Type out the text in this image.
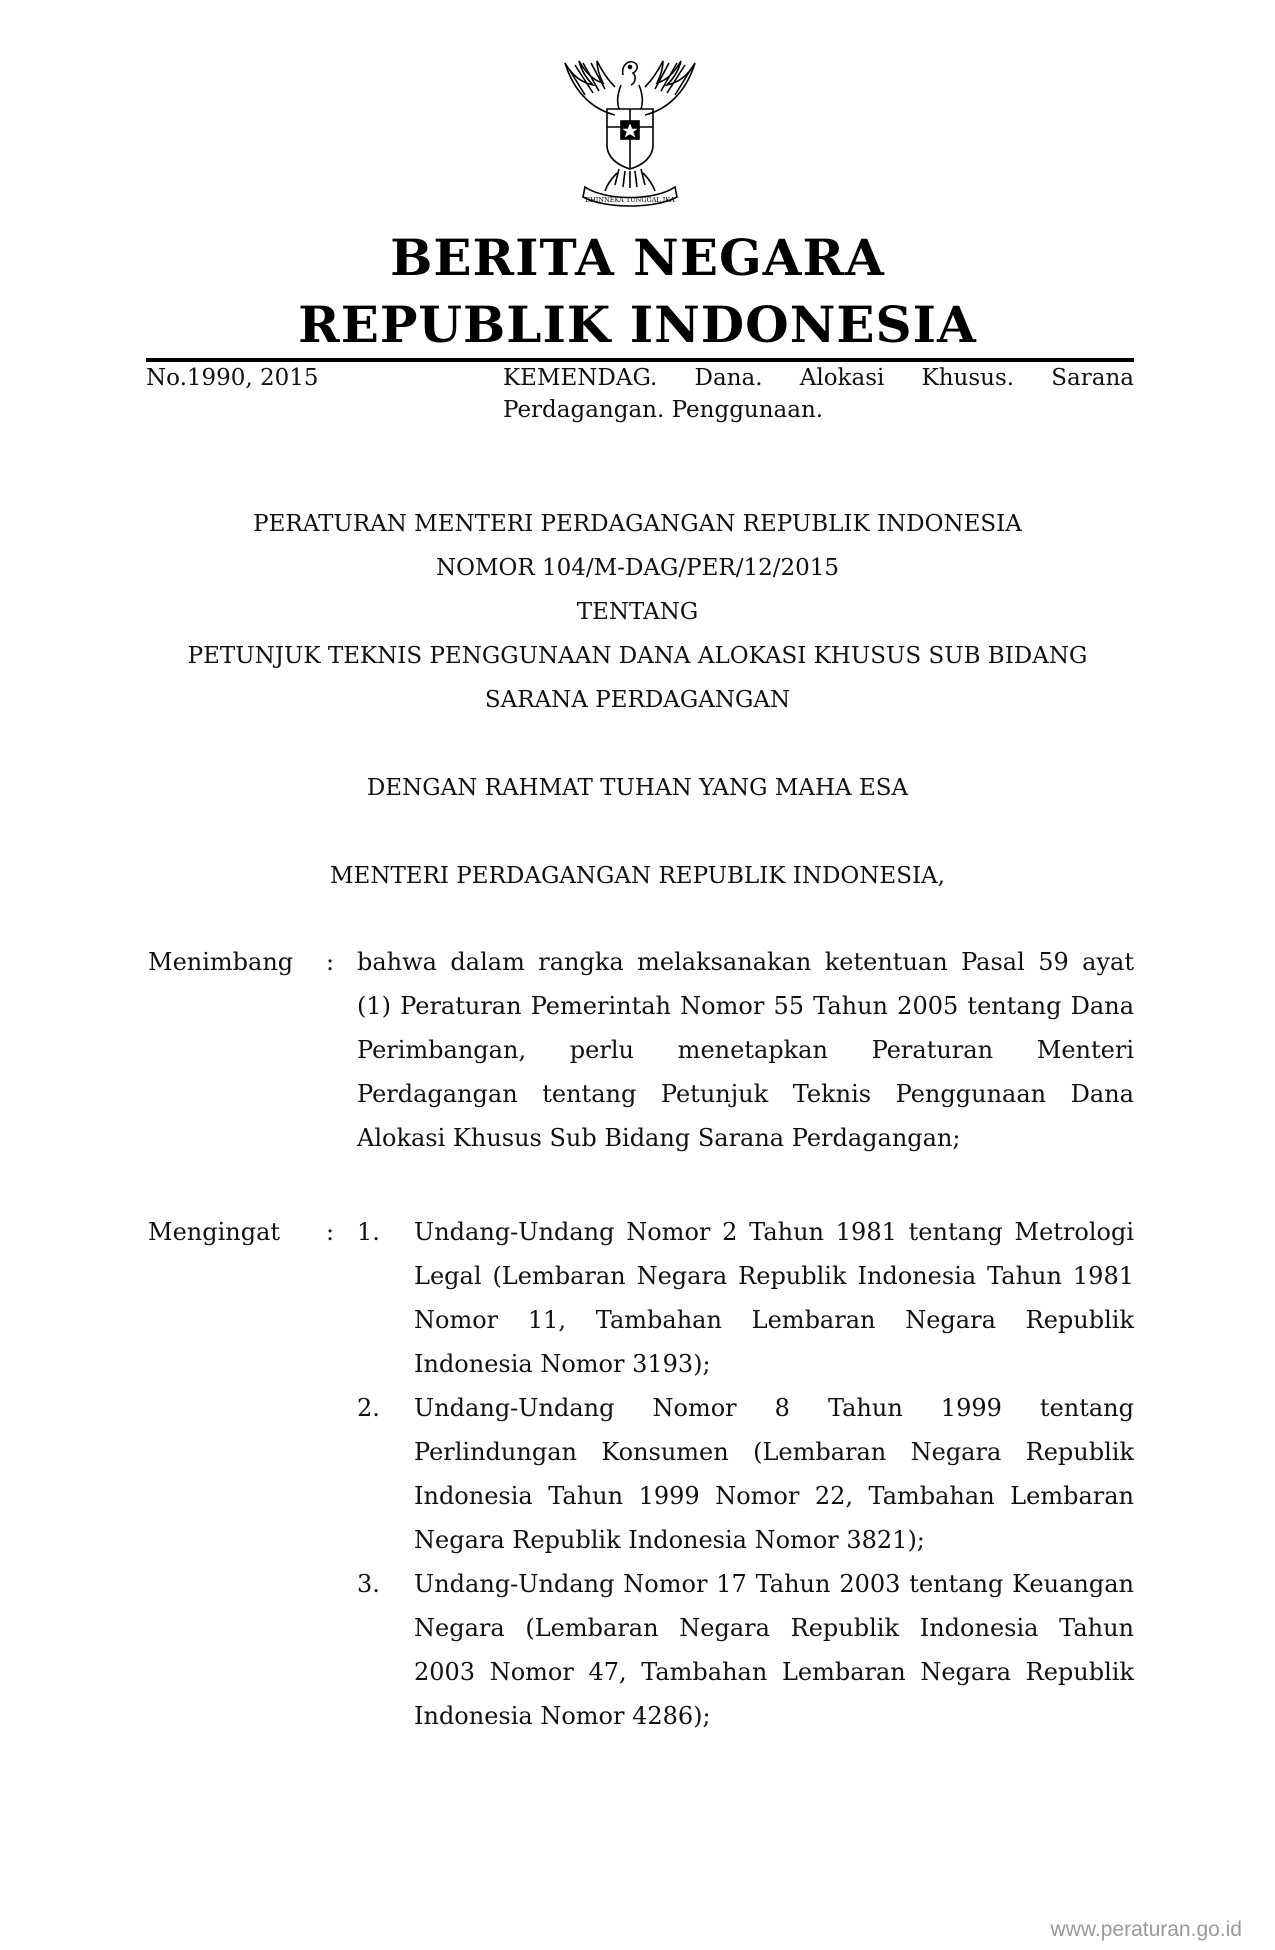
BHINNEKA TUNGGAL IKA
BERITA NEGARA
REPUBLIK INDONESIA
No.1990, 2015	KEMENDAG. Dana. Alokasi Khusus. Sarana Perdagangan. Penggunaan.
PERATURAN MENTERI PERDAGANGAN REPUBLIK INDONESIA
NOMOR 104/M-DAG/PER/12/2015
TENTANG
PETUNJUK TEKNIS PENGGUNAAN DANA ALOKASI KHUSUS SUB BIDANG
SARANA PERDAGANGAN
DENGAN RAHMAT TUHAN YANG MAHA ESA
MENTERI PERDAGANGAN REPUBLIK INDONESIA,
Menimbang : bahwa dalam rangka melaksanakan ketentuan Pasal 59 ayat (1) Peraturan Pemerintah Nomor 55 Tahun 2005 tentang Dana Perimbangan, perlu menetapkan Peraturan Menteri Perdagangan tentang Petunjuk Teknis Penggunaan Dana Alokasi Khusus Sub Bidang Sarana Perdagangan;
Mengingat : 1.	Undang-Undang Nomor 2 Tahun 1981 tentang Metrologi Legal (Lembaran Negara Republik Indonesia Tahun 1981 Nomor 11, Tambahan Lembaran Negara Republik Indonesia Nomor 3193);
2.	Undang-Undang Nomor 8 Tahun 1999 tentang Perlindungan Konsumen (Lembaran Negara Republik Indonesia Tahun 1999 Nomor 22, Tambahan Lembaran Negara Republik Indonesia Nomor 3821);
3.	Undang-Undang Nomor 17 Tahun 2003 tentang Keuangan Negara (Lembaran Negara Republik Indonesia Tahun 2003 Nomor 47, Tambahan Lembaran Negara Republik Indonesia Nomor 4286);
www.peraturan.go.id
